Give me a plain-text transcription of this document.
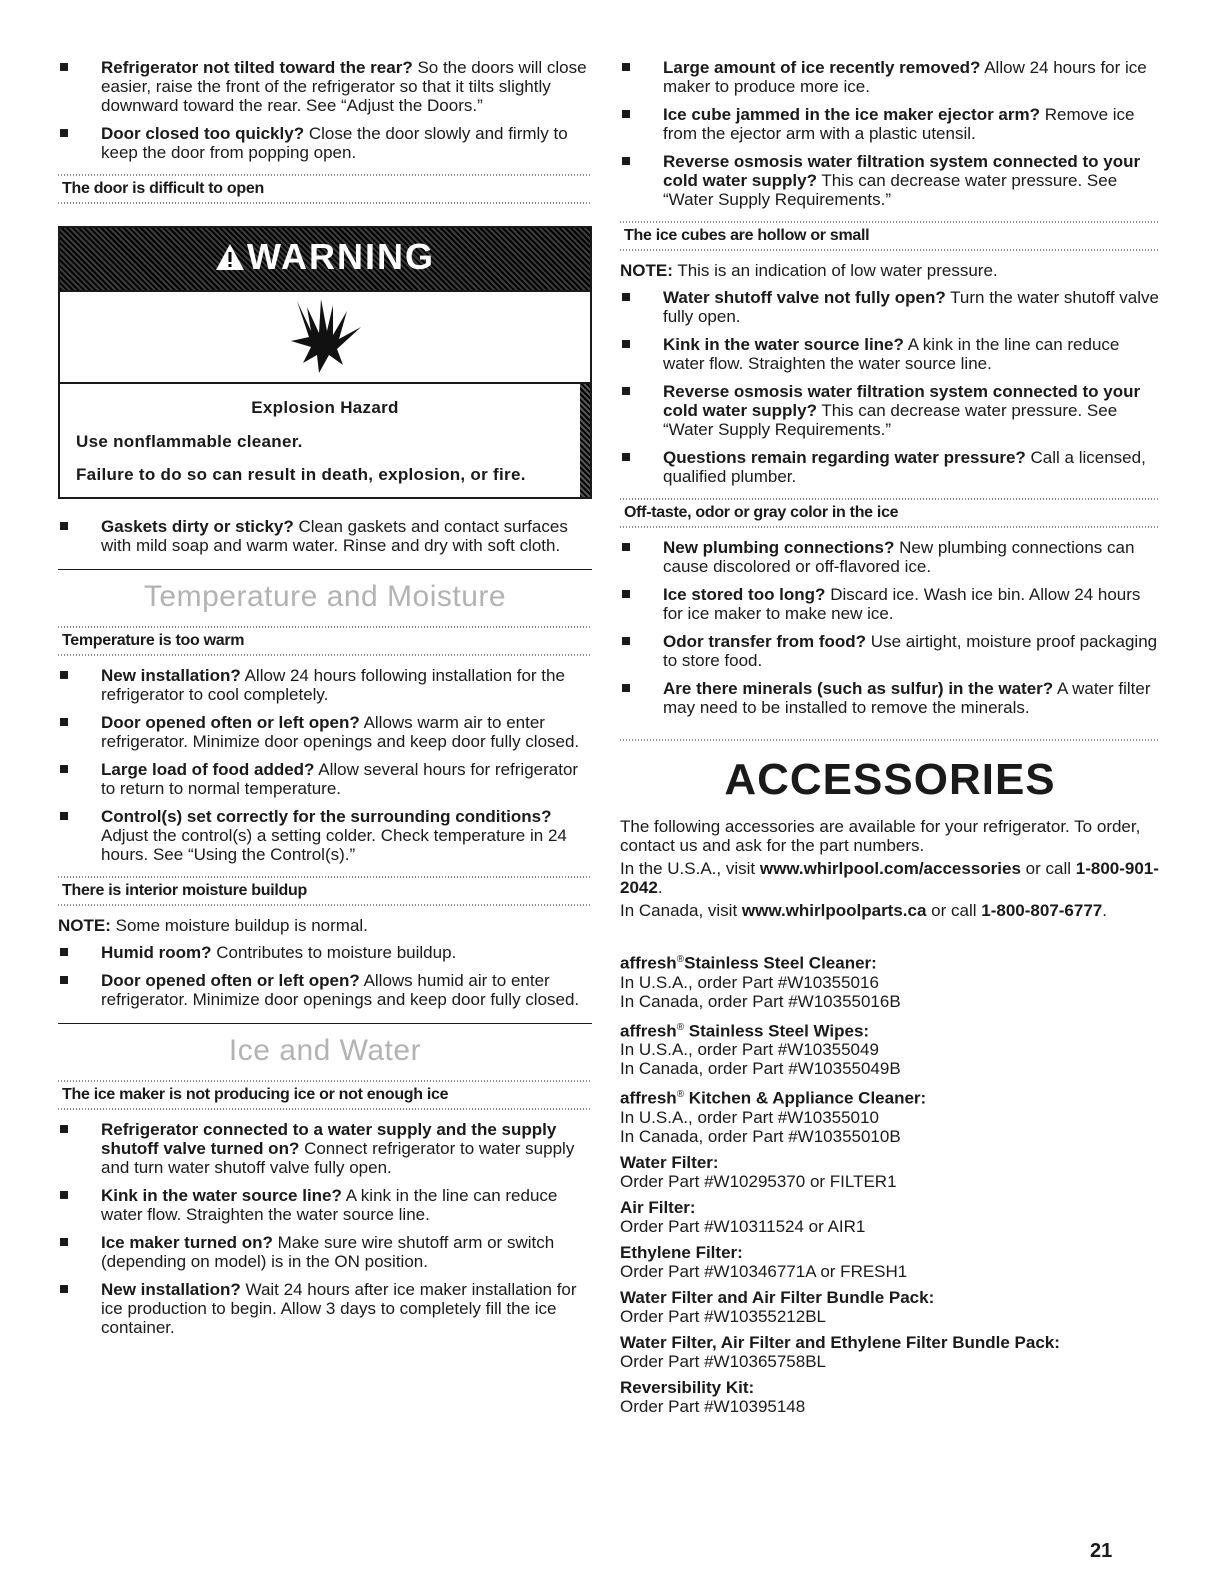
Refrigerator not tilted toward the rear? So the doors will close easier, raise the front of the refrigerator so that it tilts slightly downward toward the rear. See “Adjust the Doors.”
Door closed too quickly? Close the door slowly and firmly to keep the door from popping open.
The door is difficult to open
WARNING

Explosion Hazard

Use nonflammable cleaner.

Failure to do so can result in death, explosion, or fire.

Gaskets dirty or sticky? Clean gaskets and contact surfaces with mild soap and warm water. Rinse and dry with soft cloth.
Temperature and Moisture
Temperature is too warm
New installation? Allow 24 hours following installation for the refrigerator to cool completely.
Door opened often or left open? Allows warm air to enter refrigerator. Minimize door openings and keep door fully closed.
Large load of food added? Allow several hours for refrigerator to return to normal temperature.
Control(s) set correctly for the surrounding conditions? Adjust the control(s) a setting colder. Check temperature in 24 hours. See “Using the Control(s).”
There is interior moisture buildup

NOTE: Some moisture buildup is normal.

Humid room? Contributes to moisture buildup.
Door opened often or left open? Allows humid air to enter refrigerator. Minimize door openings and keep door fully closed.
Ice and Water
The ice maker is not producing ice or not enough ice
Refrigerator connected to a water supply and the supply shutoff valve turned on? Connect refrigerator to water supply and turn water shutoff valve fully open.
Kink in the water source line? A kink in the line can reduce water flow. Straighten the water source line.
Ice maker turned on? Make sure wire shutoff arm or switch (depending on model) is in the ON position.
New installation? Wait 24 hours after ice maker installation for ice production to begin. Allow 3 days to completely fill the ice container.
Large amount of ice recently removed? Allow 24 hours for ice maker to produce more ice.
Ice cube jammed in the ice maker ejector arm? Remove ice from the ejector arm with a plastic utensil.
Reverse osmosis water filtration system connected to your cold water supply? This can decrease water pressure. See “Water Supply Requirements.”
The ice cubes are hollow or small

NOTE: This is an indication of low water pressure.

Water shutoff valve not fully open? Turn the water shutoff valve fully open.
Kink in the water source line? A kink in the line can reduce water flow. Straighten the water source line.
Reverse osmosis water filtration system connected to your cold water supply? This can decrease water pressure. See “Water Supply Requirements.”
Questions remain regarding water pressure? Call a licensed, qualified plumber.
Off-taste, odor or gray color in the ice
New plumbing connections? New plumbing connections can cause discolored or off-flavored ice.
Ice stored too long? Discard ice. Wash ice bin. Allow 24 hours for ice maker to make new ice.
Odor transfer from food? Use airtight, moisture proof packaging to store food.
Are there minerals (such as sulfur) in the water? A water filter may need to be installed to remove the minerals.
ACCESSORIES

The following accessories are available for your refrigerator. To order, contact us and ask for the part numbers.

In the U.S.A., visit www.whirlpool.com/accessories or call 1-800-901-2042.

In Canada, visit www.whirlpoolparts.ca or call 1-800-807-6777.

affresh®Stainless Steel Cleaner:
In U.S.A., order Part #W10355016
In Canada, order Part #W10355016B
affresh® Stainless Steel Wipes:
In U.S.A., order Part #W10355049
In Canada, order Part #W10355049B
affresh® Kitchen & Appliance Cleaner:
In U.S.A., order Part #W10355010
In Canada, order Part #W10355010B
Water Filter:
Order Part #W10295370 or FILTER1
Air Filter:
Order Part #W10311524 or AIR1
Ethylene Filter:
Order Part #W10346771A or FRESH1
Water Filter and Air Filter Bundle Pack:
Order Part #W10355212BL
Water Filter, Air Filter and Ethylene Filter Bundle Pack:
Order Part #W10365758BL
Reversibility Kit:
Order Part #W10395148
21
